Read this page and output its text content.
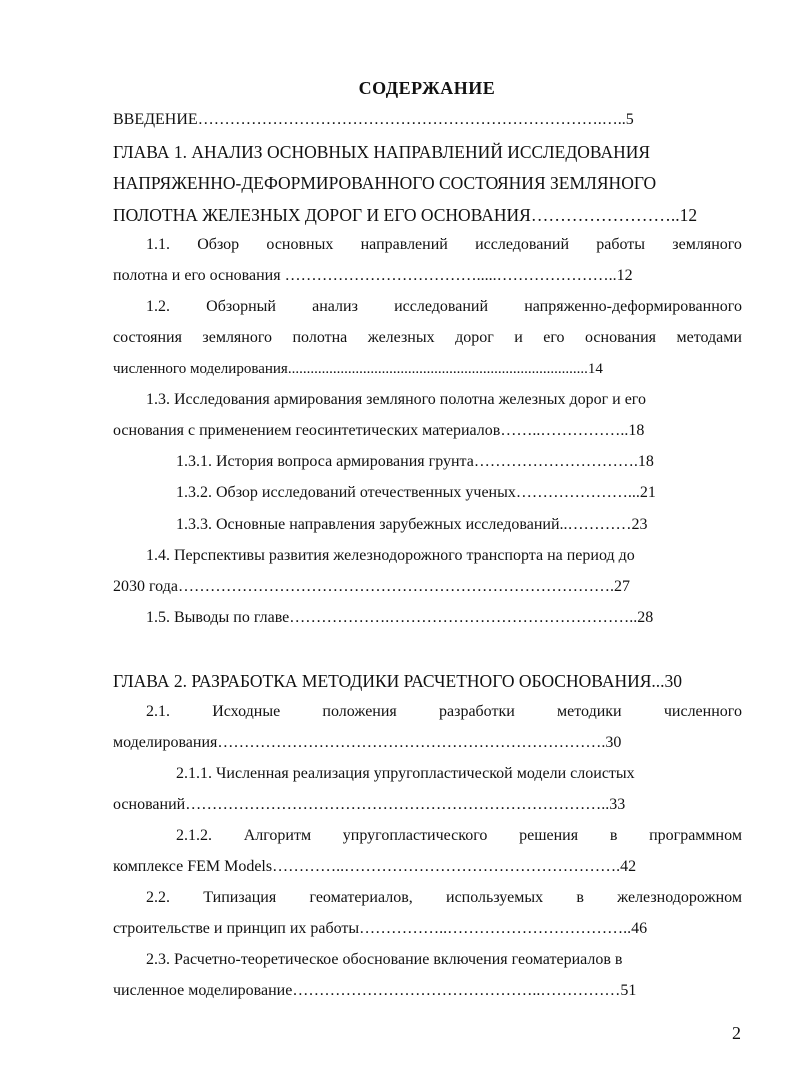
СОДЕРЖАНИЕ
ВВЕДЕНИЕ………………………………………………………………….…..5
ГЛАВА 1. АНАЛИЗ ОСНОВНЫХ НАПРАВЛЕНИЙ ИССЛЕДОВАНИЯ
НАПРЯЖЕННО-ДЕФОРМИРОВАННОГО СОСТОЯНИЯ ЗЕМЛЯНОГО
ПОЛОТНА ЖЕЛЕЗНЫХ ДОРОГ И ЕГО ОСНОВАНИЯ……………………..12
1.1. Обзор основных направлений исследований работы земляного
полотна и его основания ……………………………….....…………………..12
1.2. Обзорный анализ исследований напряженно-деформированного
состояния земляного полотна железных дорог и его основания методами
численного моделирования................................................................................14
1.3. Исследования армирования земляного полотна железных дорог и его
основания с применением геосинтетических материалов……..……………..18
1.3.1. История вопроса армирования грунта………………………….18
1.3.2. Обзор исследований отечественных ученых…………………...21
1.3.3. Основные направления зарубежных исследований..…………23
1.4. Перспективы развития железнодорожного транспорта на период до
2030 года……………………………………………………………………….27
1.5. Выводы по главе……………….………………………………………..28
ГЛАВА 2. РАЗРАБОТКА МЕТОДИКИ РАСЧЕТНОГО ОБОСНОВАНИЯ...30
2.1.	Исходные	положения	разработки	методики	численного
моделирования……………………………………………………………….30
2.1.1. Численная реализация упругопластической модели слоистых
оснований……………………………………………………………………..33
2.1.2. Алгоритм упругопластического решения в программном
комплексе FEM Models…………..…………………………………………….42
2.2. Типизация геоматериалов, используемых в железнодорожном
строительстве и принцип их работы……………..……………………………..46
2.3. Расчетно-теоретическое обоснование включения геоматериалов в
численное моделирование………………………………………..……………51
2
